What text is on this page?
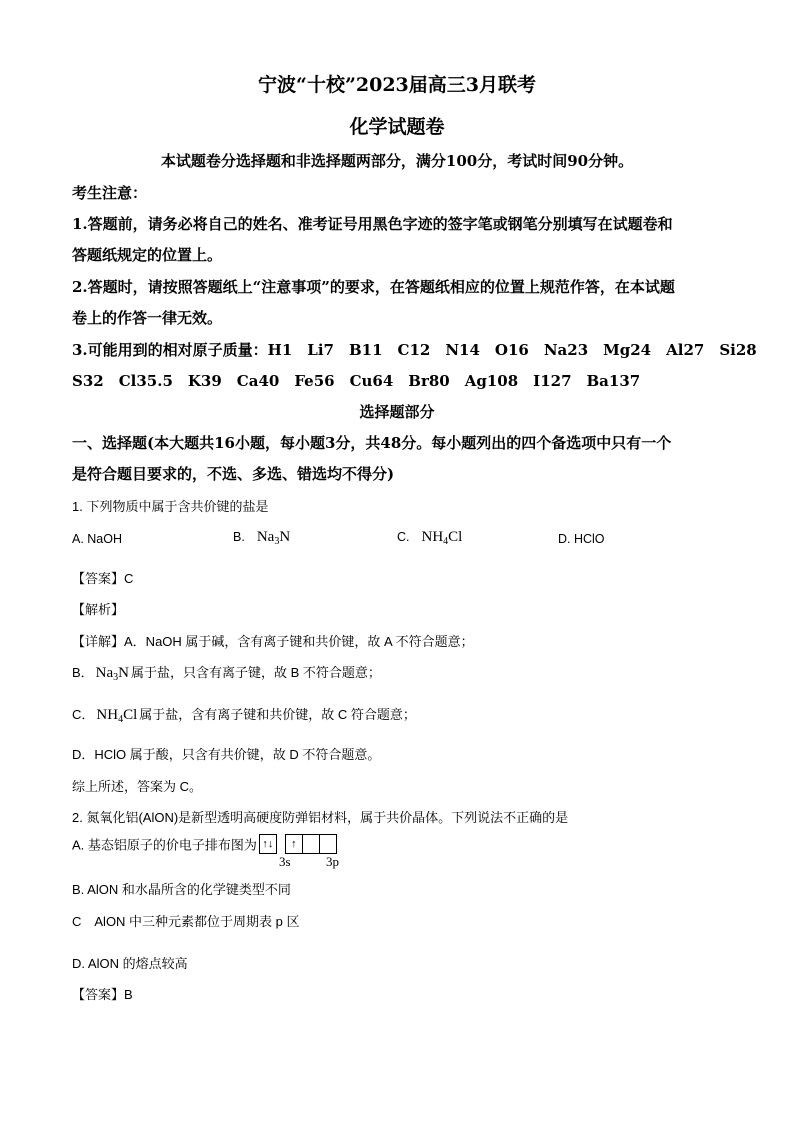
宁波“十校”2023届高三3月联考
化学试题卷
本试题卷分选择题和非选择题两部分，满分100分，考试时间90分钟。
考生注意：
1.答题前，请务必将自己的姓名、准考证号用黑色字迹的签字笔或钢笔分别填写在试题卷和
答题纸规定的位置上。
2.答题时，请按照答题纸上“注意事项”的要求，在答题纸相应的位置上规范作答，在本试题
卷上的作答一律无效。
3.可能用到的相对原子质量：H1　Li7　B11　C12　N14　O16　Na23　Mg24　Al27　Si28
S32　Cl35.5　K39　Ca40　Fe56　Cu64　Br80　Ag108　I127　Ba137
选择题部分
一、选择题(本大题共16小题，每小题3分，共48分。每小题列出的四个备选项中只有一个
是符合题目要求的，不选、多选、错选均不得分)
1. 下列物质中属于含共价键的盐是
A. NaOH	B. $Na_3N$	C. $NH_4Cl$	D. HClO
【答案】C
【解析】
【详解】A．NaOH 属于碱，含有离子键和共价键，故 A 不符合题意；
B． $Na_3N$ 属于盐，只含有离子键，故 B 不符合题意；
C． $NH_4Cl$ 属于盐，含有离子键和共价键，故 C 符合题意；
D．HClO 属于酸，只含有共价键，故 D 不符合题意。
综上所述，答案为 C。
2. 氮氧化铝(AlON)是新型透明高硬度防弹铝材料，属于共价晶体。下列说法不正确的是
A. 基态铝原子的价电子排布图为 ↑↓ ↑
3s	3p
B. AlON 和水晶所含的化学键类型不同
C　AlON 中三种元素都位于周期表 p 区
D. AlON 的熔点较高
【答案】B
